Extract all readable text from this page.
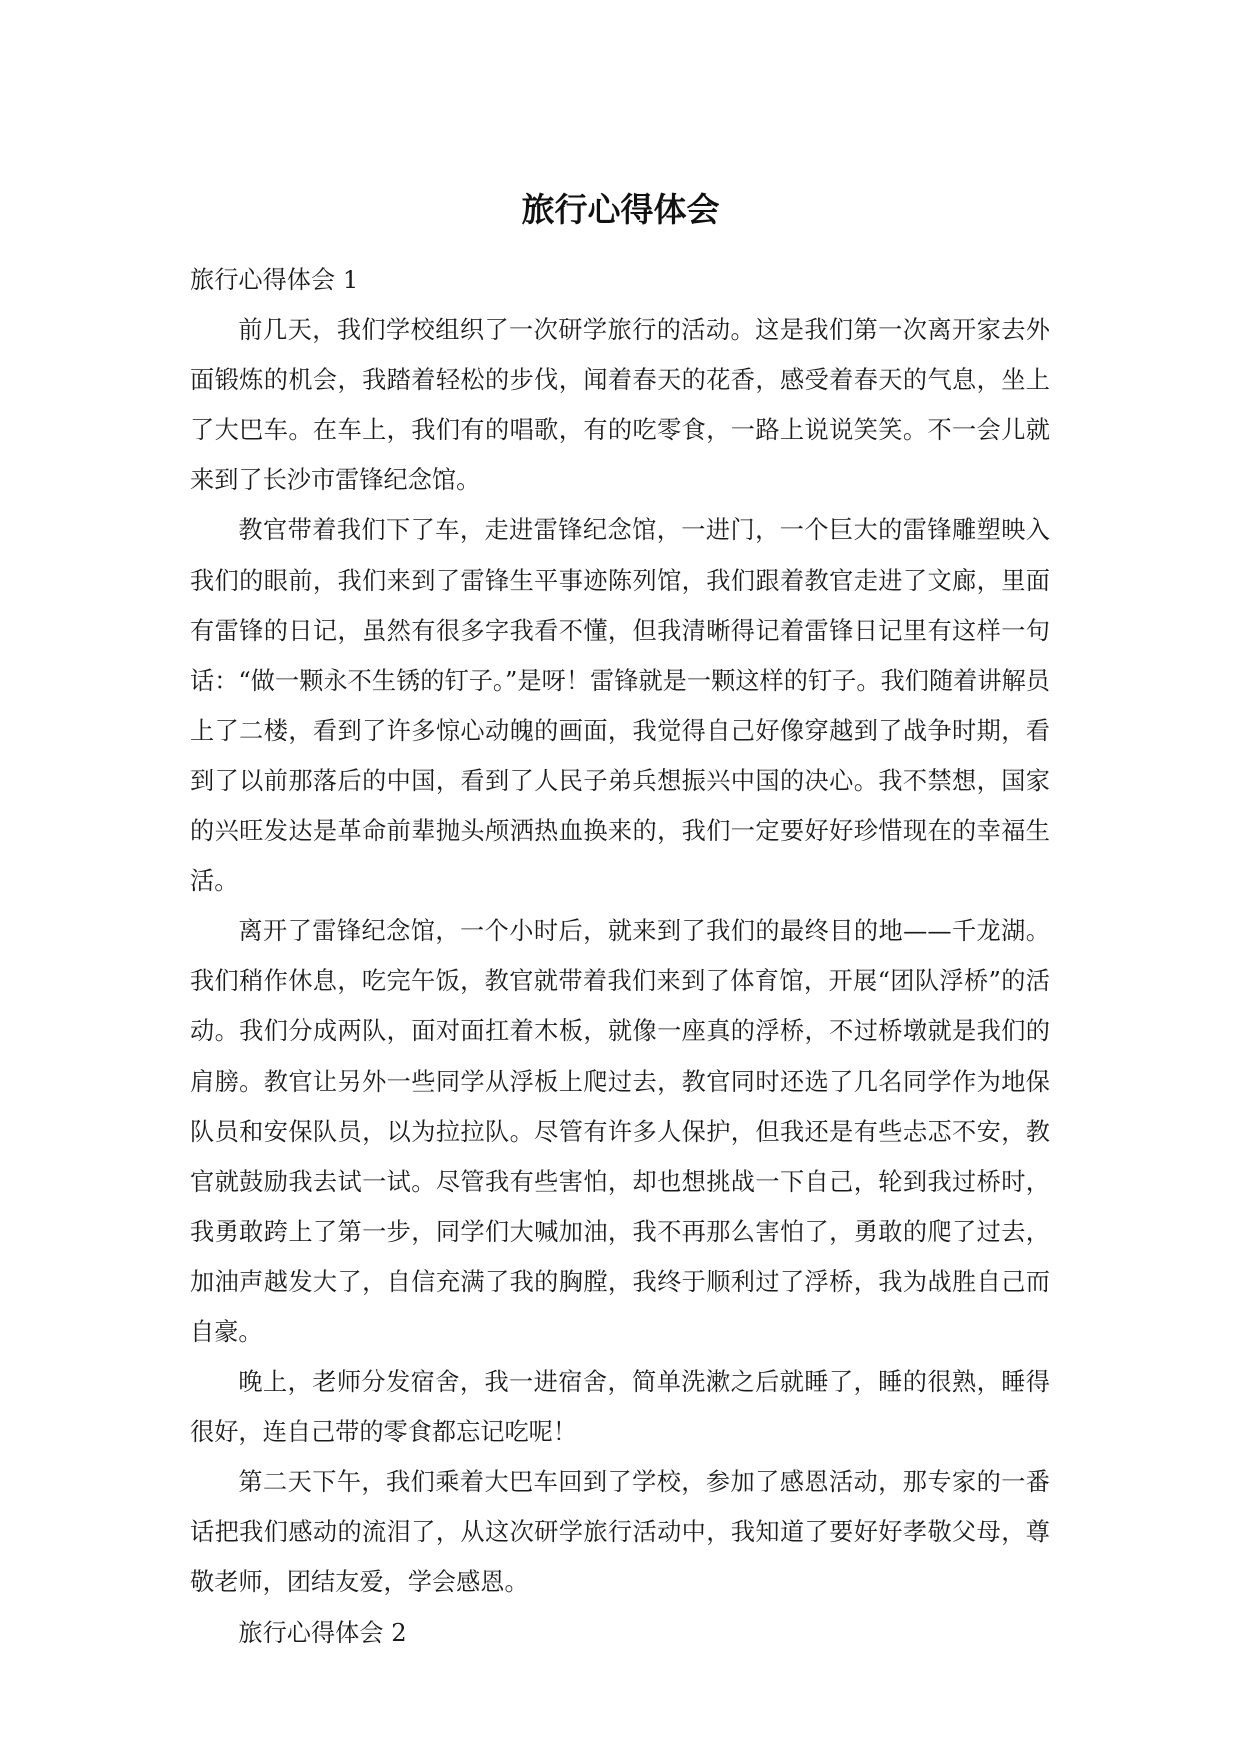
旅行心得体会

旅行心得体会 1

前几天，我们学校组织了一次研学旅行的活动。这是我们第一次离开家去外面锻炼的机会，我踏着轻松的步伐，闻着春天的花香，感受着春天的气息，坐上了大巴车。在车上，我们有的唱歌，有的吃零食，一路上说说笑笑。不一会儿就来到了长沙市雷锋纪念馆。

教官带着我们下了车，走进雷锋纪念馆，一进门，一个巨大的雷锋雕塑映入我们的眼前，我们来到了雷锋生平事迹陈列馆，我们跟着教官走进了文廊，里面有雷锋的日记，虽然有很多字我看不懂，但我清晰得记着雷锋日记里有这样一句话：“做一颗永不生锈的钉子。”是呀！雷锋就是一颗这样的钉子。我们随着讲解员上了二楼，看到了许多惊心动魄的画面，我觉得自己好像穿越到了战争时期，看到了以前那落后的中国，看到了人民子弟兵想振兴中国的决心。我不禁想，国家的兴旺发达是革命前辈抛头颅洒热血换来的，我们一定要好好珍惜现在的幸福生活。

离开了雷锋纪念馆，一个小时后，就来到了我们的最终目的地——千龙湖。我们稍作休息，吃完午饭，教官就带着我们来到了体育馆，开展“团队浮桥”的活动。我们分成两队，面对面扛着木板，就像一座真的浮桥，不过桥墩就是我们的肩膀。教官让另外一些同学从浮板上爬过去，教官同时还选了几名同学作为地保队员和安保队员，以为拉拉队。尽管有许多人保护，但我还是有些忐忑不安，教官就鼓励我去试一试。尽管我有些害怕，却也想挑战一下自己，轮到我过桥时，我勇敢跨上了第一步，同学们大喊加油，我不再那么害怕了，勇敢的爬了过去，加油声越发大了，自信充满了我的胸膛，我终于顺利过了浮桥，我为战胜自己而自豪。

晚上，老师分发宿舍，我一进宿舍，简单洗漱之后就睡了，睡的很熟，睡得很好，连自己带的零食都忘记吃呢！

第二天下午，我们乘着大巴车回到了学校，参加了感恩活动，那专家的一番话把我们感动的流泪了，从这次研学旅行活动中，我知道了要好好孝敬父母，尊敬老师，团结友爱，学会感恩。

旅行心得体会 2
